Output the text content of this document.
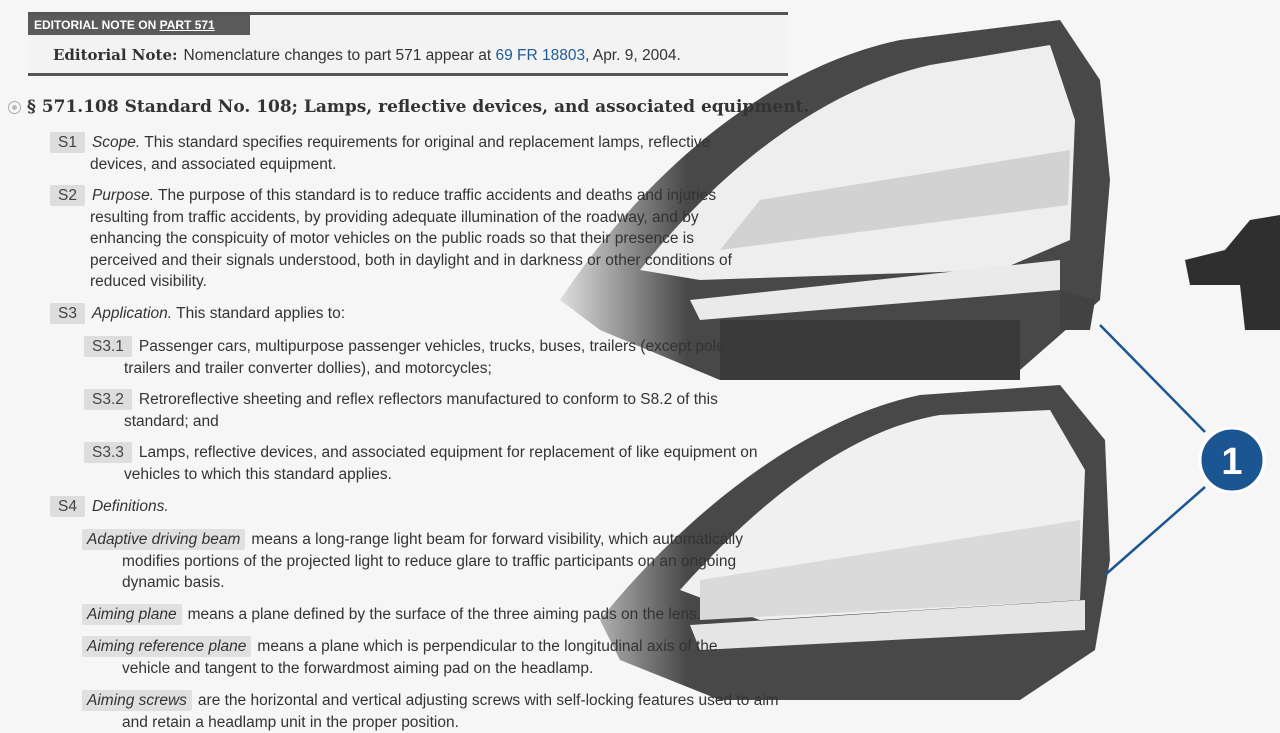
1
EDITORIAL NOTE ON PART 571
Editorial Note: Nomenclature changes to part 571 appear at 69 FR 18803, Apr. 9, 2004.
§ 571.108 Standard No. 108; Lamps, reflective devices, and associated equipment.
S1 Scope. This standard specifies requirements for original and replacement lamps, reflective devices, and associated equipment.
S2 Purpose. The purpose of this standard is to reduce traffic accidents and deaths and injuries resulting from traffic accidents, by providing adequate illumination of the roadway, and by enhancing the conspicuity of motor vehicles on the public roads so that their presence is perceived and their signals understood, both in daylight and in darkness or other conditions of reduced visibility.
S3 Application. This standard applies to:
S3.1 Passenger cars, multipurpose passenger vehicles, trucks, buses, trailers (except pole trailers and trailer converter dollies), and motorcycles;
S3.2 Retroreflective sheeting and reflex reflectors manufactured to conform to S8.2 of this standard; and
S3.3 Lamps, reflective devices, and associated equipment for replacement of like equipment on vehicles to which this standard applies.
S4 Definitions.
Adaptive driving beam means a long-range light beam for forward visibility, which automatically modifies portions of the projected light to reduce glare to traffic participants on an ongoing dynamic basis.
Aiming plane means a plane defined by the surface of the three aiming pads on the lens.
Aiming reference plane means a plane which is perpendicular to the longitudinal axis of the vehicle and tangent to the forwardmost aiming pad on the headlamp.
Aiming screws are the horizontal and vertical adjusting screws with self-locking features used to aim and retain a headlamp unit in the proper position.
